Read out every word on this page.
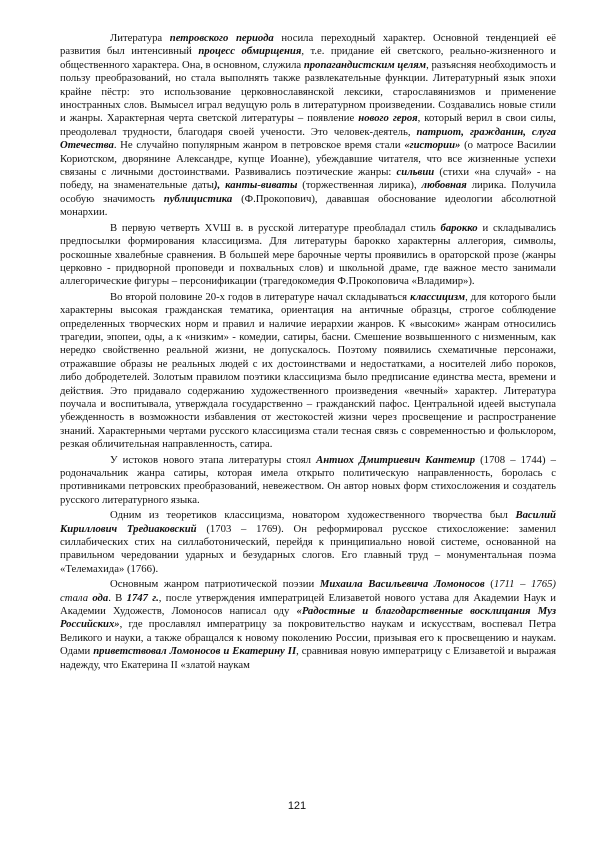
Литература петровского периода носила переходный характер. Основной тенденцией её развития был интенсивный процесс обмирщения, т.е. придание ей светского, реально-жизненного и общественного характера. Она, в основном, служила пропагандистским целям, разъясняя необходимость и пользу преобразований, но стала выполнять также развлекательные функции. Литературный язык эпохи крайне пёстр: это использование церковнославянской лексики, старославянизмов и применение иностранных слов. Вымысел играл ведущую роль в литературном произведении. Создавались новые стили и жанры. Характерная черта светской литературы – появление нового героя, который верил в свои силы, преодолевал трудности, благодаря своей учености. Это человек-деятель, патриот, гражданин, слуга Отечества. Не случайно популярным жанром в петровское время стали «гистории» (о матросе Василии Кориотском, дворянине Александре, купце Иоанне), убеждавшие читателя, что все жизненные успехи связаны с личными достоинствами. Развивались поэтические жанры: сильвии (стихи «на случай» - на победу, на знаменательные даты), канты-виваты (торжественная лирика), любовная лирика. Получила особую значимость публицистика (Ф.Прокопович), дававшая обоснование идеологии абсолютной монархии.

В первую четверть ХVШ в. в русской литературе преобладал стиль барокко и складывались предпосылки формирования классицизма. Для литературы барокко характерны аллегория, символы, роскошные хвалебные сравнения. В большей мере барочные черты проявились в ораторской прозе (жанры церковно - придворной проповеди и похвальных слов) и школьной драме, где важное место занимали аллегорические фигуры – персонификации (трагедокомедия Ф.Прокоповича «Владимир»).

Во второй половине 20-х годов в литературе начал складываться классицизм, для которого были характерны высокая гражданская тематика, ориентация на античные образцы, строгое соблюдение определенных творческих норм и правил и наличие иерархии жанров. К «высоким» жанрам относились трагедии, эпопеи, оды, а к «низким» - комедии, сатиры, басни. Смешение возвышенного с низменным, как нередко свойственно реальной жизни, не допускалось. Поэтому появились схематичные персонажи, отражавшие образы не реальных людей с их достоинствами и недостатками, а носителей либо пороков, либо добродетелей. Золотым правилом поэтики классицизма было предписание единства места, времени и действия. Это придавало содержанию художественного произведения «вечный» характер. Литература поучала и воспитывала, утверждала государственно – гражданский пафос. Центральной идеей выступала убежденность в возможности избавления от жестокостей жизни через просвещение и распространение знаний. Характерными чертами русского классицизма стали тесная связь с современностью и фольклором, резкая обличительная направленность, сатира.

У истоков нового этапа литературы стоял Антиох Дмитриевич Кантемир (1708 – 1744) – родоначальник жанра сатиры, которая имела открыто политическую направленность, боролась с противниками петровских преобразований, невежеством. Он автор новых форм стихосложения и создатель русского литературного языка.

Одним из теоретиков классицизма, новатором художественного творчества был Василий Кириллович Тредиаковский (1703 – 1769). Он реформировал русское стихосложение: заменил силлабических стих на силлаботонический, перейдя к принципиально новой системе, основанной на правильном чередовании ударных и безударных слогов. Его главный труд – монументальная поэма «Телемахида» (1766).

Основным жанром патриотической поэзии Михаила Васильевича Ломоносов (1711 – 1765) стала ода. В 1747 г., после утверждения императрицей Елизаветой нового устава для Академии Наук и Академии Художеств, Ломоносов написал оду «Радостные и благодарственные восклицания Муз Российских», где прославлял императрицу за покровительство наукам и искусствам, воспевал Петра Великого и науки, а также обращался к новому поколению России, призывая его к просвещению и наукам. Одами приветствовал Ломоносов и Екатерину II, сравнивая новую императрицу с Елизаветой и выражая надежду, что Екатерина II «златой наукам

121
